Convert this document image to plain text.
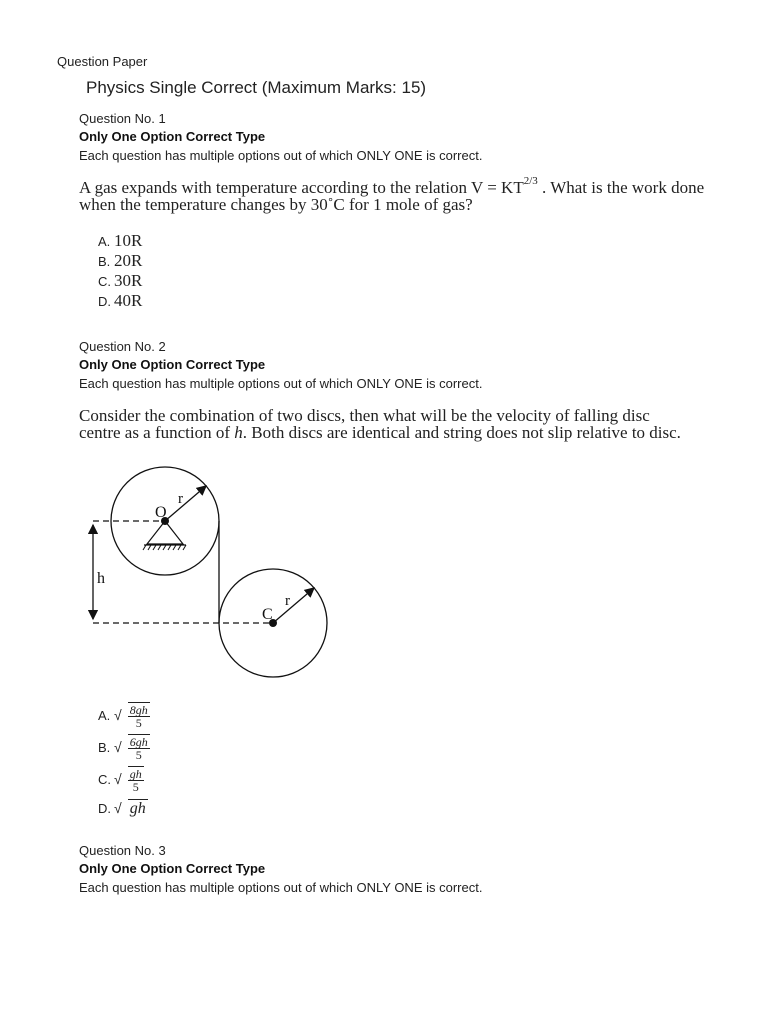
Question Paper
Physics Single Correct (Maximum Marks: 15)
Question No. 1
Only One Option Correct Type
Each question has multiple options out of which ONLY ONE is correct.
A gas expands with temperature according to the relation $V = KT^{2/3}$ . What is the work done when the temperature changes by 30˚C for 1 mole of gas?
A. 10R
B. 20R
C. 30R
D. 40R
Question No. 2
Only One Option Correct Type
Each question has multiple options out of which ONLY ONE is correct.
Consider the combination of two discs, then what will be the velocity of falling disc centre as a function of h. Both discs are identical and string does not slip relative to disc.
O
r
h
C
r
A. √ $\frac{8gh}{5}$
B. √ $\frac{6gh}{5}$
C. √ $\frac{gh}{5}$
D. √ gh
Question No. 3
Only One Option Correct Type
Each question has multiple options out of which ONLY ONE is correct.
